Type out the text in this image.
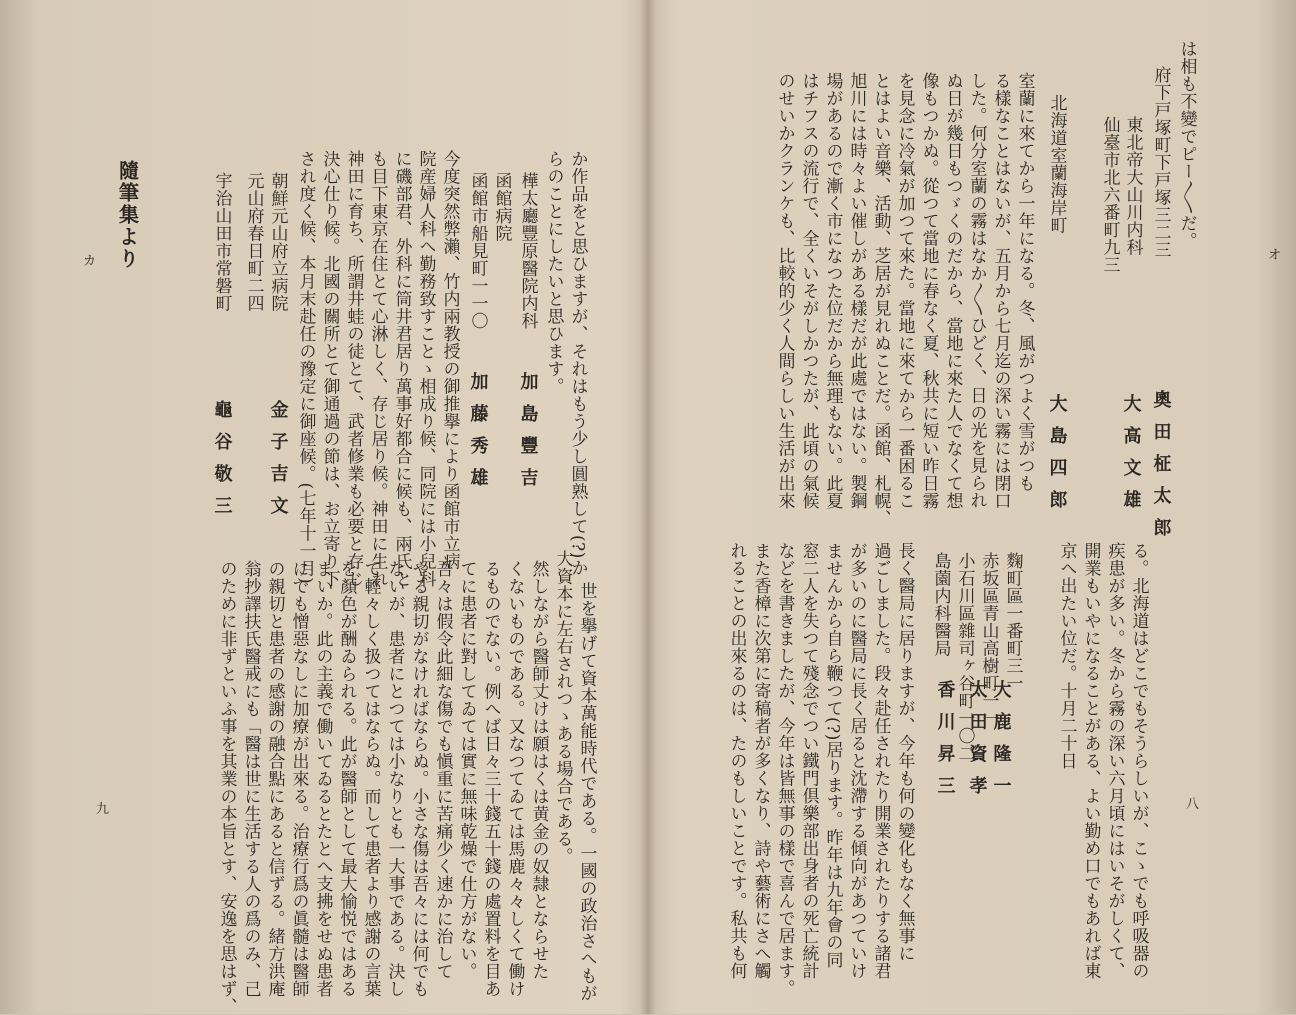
カ 隨筆集より
九
か作品をと思ひますが、それはもう少し圓熟して(?)か
らのことにしたいと思ひます。
樺太廳豐原醫院内科
函館病院
函館市船見町一一〇
今度突然弊瀨、竹内兩教授の御推擧により函館市立病
院産婦人科へ勤務致すことゝ相成り候、同院には小兒科
に磯部君、外科に筒井君居り萬事好都合に候も、兩氏と
も目下東京在住とて心淋しく、存じ居り候。神田に生れ
神田に育ち、所謂井蛙の徒とて、武者修業も必要と存じ
決心仕り候。北國の關所とて御通過の節は、お立寄り下
され度く候、本月末赴任の豫定に御座候。(七年十一月)
朝鮮元山府立病院
元山府春日町二四
宇治山田市常磐町
世を擧げて資本萬能時代である。一國の政治さへもが
大資本に左右されつゝある場合である。
然しながら醫師丈けは願はくは黄金の奴隷とならせた
くないものである。又なつてゐては馬鹿々々しくて働け
るものでない。例へば日々三十錢五十錢の處置料を目あ
てに患者に對してゐては實に無味乾燥で仕方がない。
吾々は假令此細な傷でも愼重に苦痛少く速かに治して
やる親切がなければならぬ。小さな傷は吾々には何でも
ないが、患者にとつては小なりとも一大事である。決し
て輕々しく扱つてはならぬ。而して患者より感謝の言葉
を顏色が酬ゐられる。此が醫師として最大愉悦ではある
まいか。此の主義で働いてゐるとたとへ支拂をせぬ患者
にでも憎惡なしに加療が出來る。治療行爲の眞髓は醫師
の親切と患者の感謝の融合點にあると信ずる。緒方洪庵
翁抄譯扶氏醫戒にも「醫は世に生活する人の爲のみ、己
のために非ずといふ事を其業の本旨とす、安逸を思はず、
加島豐吉
加藤秀雄
金子吉文
龜谷敬三
オ
八
は相も不變でピー〳〵だ。
府下戸塚町下戸塚三二三
東北帝大山川内科
仙臺市北六番町九三
北海道室蘭海岸町
室蘭に來てから一年になる。冬、風がつよく雪がつも
る樣なことはないが、五月から七月迄の深い霧には閉口
した。何分室蘭の霧はなか〳〵ひどく、日の光を見られ
ぬ日が幾日もつゞくのだから、當地に來た人でなくて想
像もつかぬ。從つて當地に春なく夏、秋共に短い昨日霧
を見念に冷氣が加つて來た。當地に來てから一番困るこ
とはよい音樂、活動、芝居が見れぬことだ。函館、札幌、
旭川には時々よい催しがある樣だが此處ではない。製鋼
場があるので漸く市になつた位だから無理もない。此夏
はチフスの流行で、全くいそがしかつたが、此頃の氣候
のせいかクランケも、比較的少く人間らしい生活が出來
る。北海道はどこでもそうらしいが、こゝでも呼吸器の
疾患が多い。冬から霧の深い六月頃にはいそがしくて、
開業もいやになることがある、よい勤め口でもあれば東
京へ出たい位だ。十月二十日
麴町區一番町三一
赤坂區青山高樹町一一
小石川區雜司ヶ谷町一〇二
島薗内科醫局
長く醫局に居りますが、今年も何の變化もなく無事に
過ごしました。段々赴任されたり開業されたりする諸君
が多いのに醫局に長く居ると沈滯する傾向があつていけ
ませんから自ら鞭つて(?)居ります。昨年は九年會の同
窓二人を失つて殘念でつい鐵門倶樂部出身者の死亡統計
などを書きましたが、今年は皆無事の樣で喜んで居ます。
また香樟に次第に寄稿者が多くなり、詩や藝術にさへ觸
れることの出來るのは、たのもしいことです。私共も何
奧田柾太郎
大高文雄
大島四郎
大鹿隆一
太田資孝
香川昇三
